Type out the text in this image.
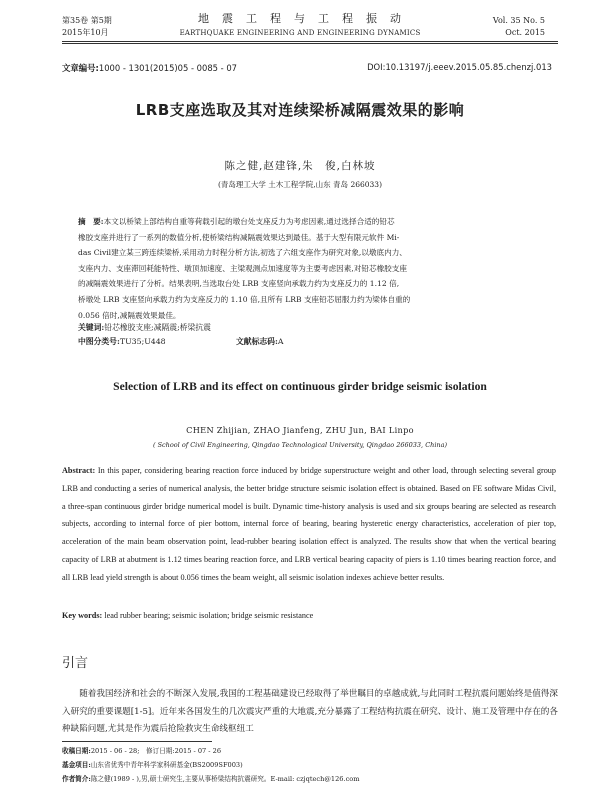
第35卷 第5期
2015年10月
地　震　工　程　与　工　程　振　动
EARTHQUAKE ENGINEERING AND ENGINEERING DYNAMICS
Vol. 35 No. 5
Oct. 2015
文章编号:1000 - 1301(2015)05 - 0085 - 07	DOI:10.13197/j.eeev.2015.05.85.chenzj.013
LRB支座选取及其对连续梁桥减隔震效果的影响
陈之健,赵建锋,朱　俊,白林坡
(青岛理工大学 土木工程学院,山东 青岛 266033)
摘　要:本文以桥梁上部结构自重等荷载引起的墩台处支座反力为考虑因素,通过选择合适的铅芯
橡胶支座并进行了一系列的数值分析,使桥梁结构减隔震效果达到最佳。基于大型有限元软件 Mi-
das Civil建立某三跨连续梁桥,采用动力时程分析方法,初选了六组支座作为研究对象,以墩底内力、
支座内力、支座滞回耗能特性、墩顶加速度、主梁观测点加速度等为主要考虑因素,对铅芯橡胶支座
的减隔震效果进行了分析。结果表明,当选取台处 LRB 支座竖向承载力约为支座反力的 1.12 倍,
桥墩处 LRB 支座竖向承载力约为支座反力的 1.10 倍,且所有 LRB 支座铅芯屈服力约为梁体自重的
0.056 倍时,减隔震效果最佳。
关键词:铅芯橡胶支座;减隔震;桥梁抗震
中图分类号:TU35;U448	文献标志码:A
Selection of LRB and its effect on continuous girder bridge seismic isolation
CHEN Zhijian, ZHAO Jianfeng, ZHU Jun, BAI Linpo
( School of Civil Engineering, Qingdao Technological University, Qingdao 266033, China)
Abstract: In this paper, considering bearing reaction force induced by bridge superstructure weight and other load, through selecting several group LRB and conducting a series of numerical analysis, the better bridge structure seismic isolation effect is obtained. Based on FE software Midas Civil, a three-span continuous girder bridge numerical model is built. Dynamic time-history analysis is used and six groups bearing are selected as research subjects, according to internal force of pier bottom, internal force of bearing, bearing hysteretic energy characteristics, acceleration of pier top, acceleration of the main beam observation point, lead-rubber bearing isolation effect is analyzed. The results show that when the vertical bearing capacity of LRB at abutment is 1.12 times bearing reaction force, and LRB vertical bearing capacity of piers is 1.10 times bearing reaction force, and all LRB lead yield strength is about 0.056 times the beam weight, all seismic isolation indexes achieve better results.
Key words: lead rubber bearing; seismic isolation; bridge seismic resistance
引言
随着我国经济和社会的不断深入发展,我国的工程基础建设已经取得了举世瞩目的卓越成就,与此同时工程抗震问题始终是值得深入研究的重要课题[1-5]。近年来各国发生的几次震灾严重的大地震,充分暴露了工程结构抗震在研究、设计、施工及管理中存在的各种缺陷问题,尤其是作为震后抢险救灾生命线枢纽工
收稿日期:2015 - 06 - 28;　修订日期:2015 - 07 - 26
基金项目:山东省优秀中青年科学家科研基金(BS2009SF003)
作者简介:陈之健(1989 - ),男,硕士研究生,主要从事桥梁结构抗震研究。E-mail: czjqtech@126.com
